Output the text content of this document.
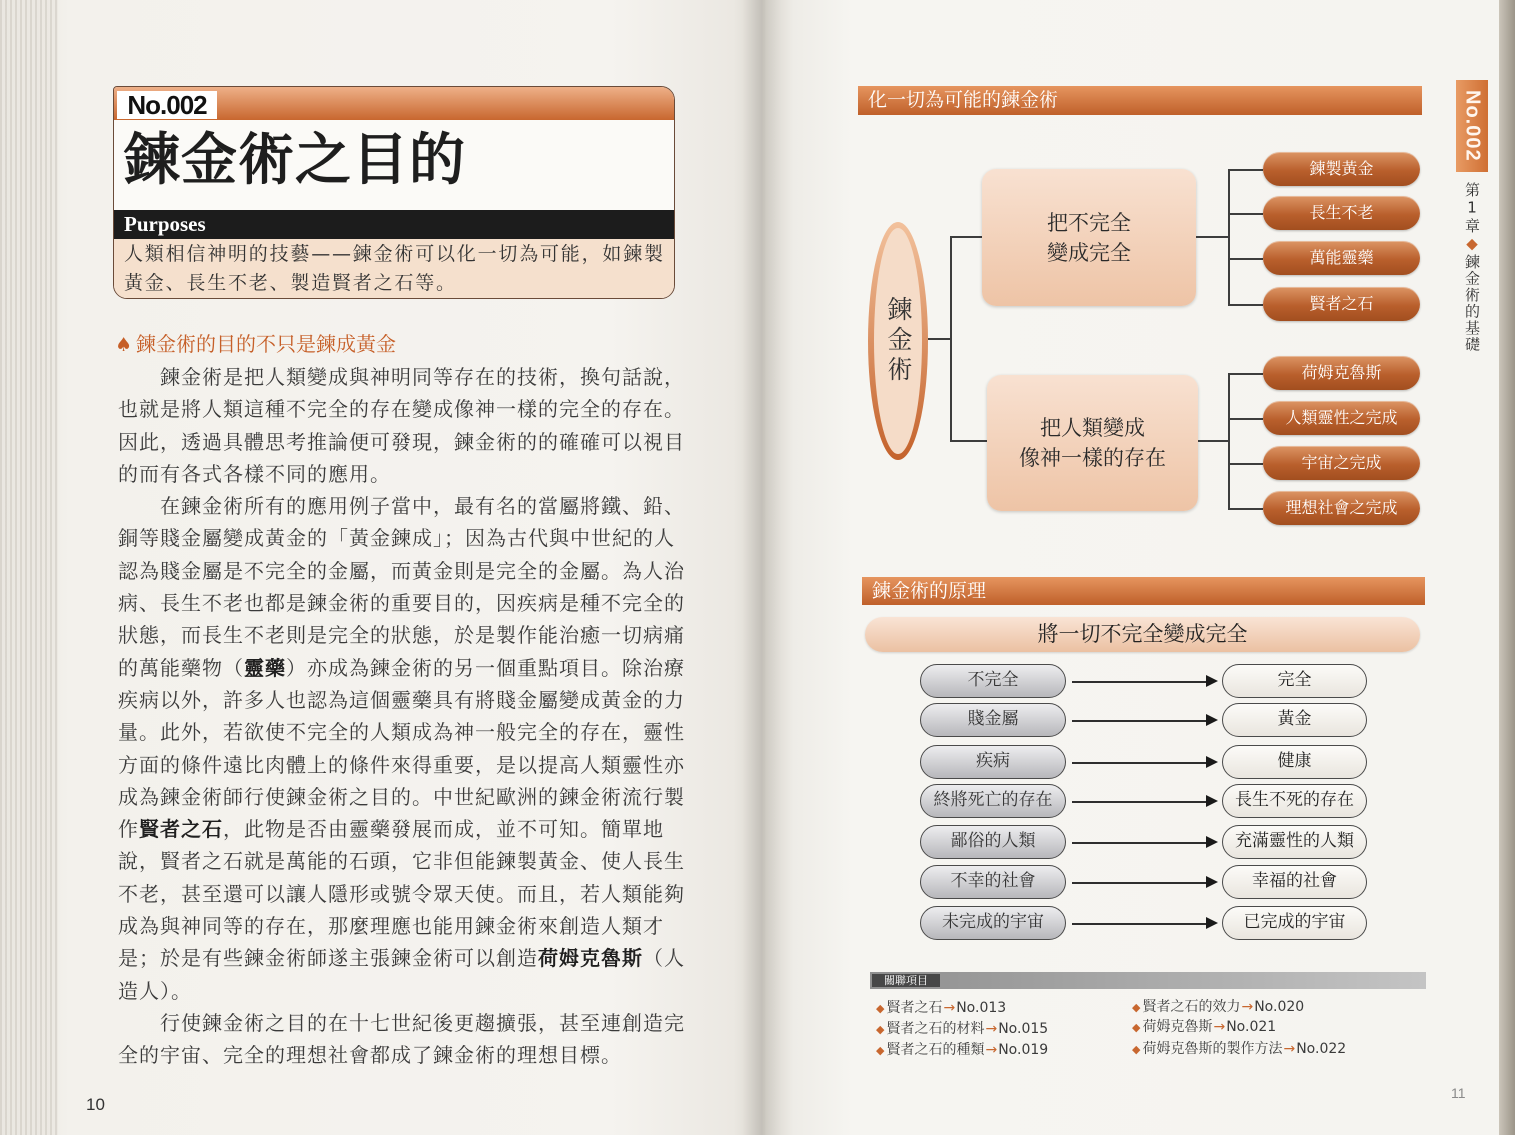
No.002
鍊金術之目的
Purposes
人類相信神明的技藝——鍊金術可以化一切為可能，如鍊製
黃金、長生不老、製造賢者之石等。
♠ 鍊金術的目的不只是鍊成黃金
鍊金術是把人類變成與神明同等存在的技術，換句話說，
也就是將人類這種不完全的存在變成像神一樣的完全的存在。
因此，透過具體思考推論便可發現，鍊金術的的確確可以視目
的而有各式各樣不同的應用。
在鍊金術所有的應用例子當中，最有名的當屬將鐵、鉛、
銅等賤金屬變成黃金的「黃金鍊成」；因為古代與中世紀的人
認為賤金屬是不完全的金屬，而黃金則是完全的金屬。為人治
病、長生不老也都是鍊金術的重要目的，因疾病是種不完全的
狀態，而長生不老則是完全的狀態，於是製作能治癒一切病痛
的萬能藥物（靈藥）亦成為鍊金術的另一個重點項目。除治療
疾病以外，許多人也認為這個靈藥具有將賤金屬變成黃金的力
量。此外，若欲使不完全的人類成為神一般完全的存在，靈性
方面的條件遠比肉體上的條件來得重要，是以提高人類靈性亦
成為鍊金術師行使鍊金術之目的。中世紀歐洲的鍊金術流行製
作賢者之石，此物是否由靈藥發展而成，並不可知。簡單地
說，賢者之石就是萬能的石頭，它非但能鍊製黃金、使人長生
不老，甚至還可以讓人隱形或號令眾天使。而且，若人類能夠
成為與神同等的存在，那麼理應也能用鍊金術來創造人類才
是；於是有些鍊金術師遂主張鍊金術可以創造荷姆克魯斯（人
造人）。
行使鍊金術之目的在十七世紀後更趨擴張，甚至連創造完
全的宇宙、完全的理想社會都成了鍊金術的理想目標。
10
化一切為可能的鍊金術
鍊金術
把不完全
變成完全
把人類變成
像神一樣的存在
鍊製黃金
長生不老
萬能靈藥
賢者之石
荷姆克魯斯
人類靈性之完成
宇宙之完成
理想社會之完成
鍊金術的原理
將一切不完全變成完全
不完全	完全
賤金屬	黃金
疾病	健康
終將死亡的存在	長生不死的存在
鄙俗的人類	充滿靈性的人類
不幸的社會	幸福的社會
未完成的宇宙	已完成的宇宙
關聯項目
◆ 賢者之石→No.013
◆ 賢者之石的材料→No.015
◆ 賢者之石的種類→No.019
◆ 賢者之石的效力→No.020
◆ 荷姆克魯斯→No.021
◆ 荷姆克魯斯的製作方法→No.022
No.002
第1章◆鍊金術的基礎
11
